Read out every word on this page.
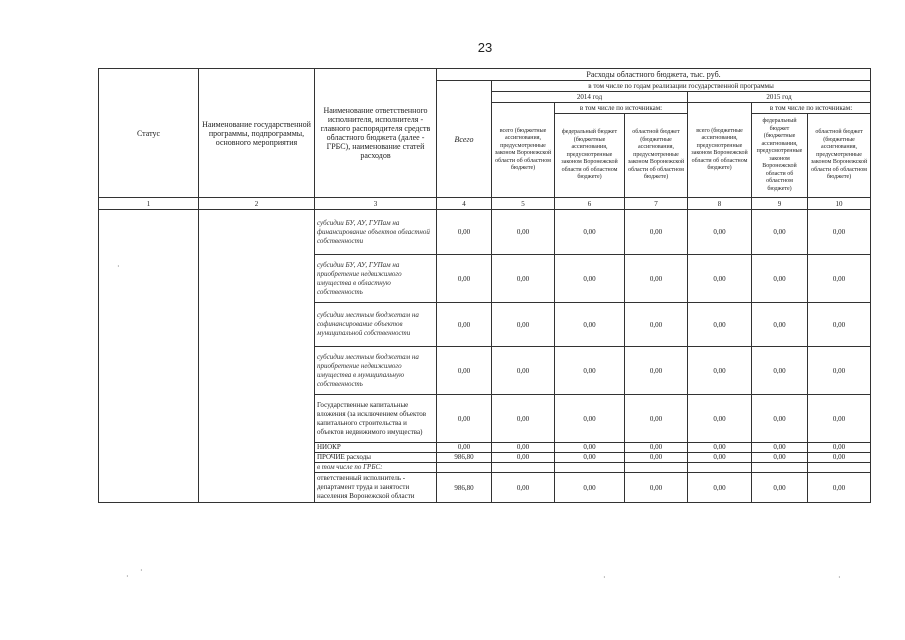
23
Статус	Наименование государственной программы, подпрограммы, основного мероприятия	Наименование ответственного исполнителя, исполнителя - главного распорядителя средств областного бюджета (далее - ГРБС), наименование статей расходов	Расходы областного бюджета, тыс. руб.						
			Всего	в том числе по годам реализации государственной программы					
				2014 год			2015 год		
				всего (бюджетные ассигнования, предусмотренные законом Воронежской области об областном бюджете)	в том числе по источникам:		всего (бюджетные ассигнования, предусмотренные законом Воронежской области об областном бюджете)	в том числе по источникам:	
					федеральный бюджет (бюджетные ассигнования, предусмотренные законом Воронежской области об областном бюджете)	областной бюджет (бюджетные ассигнования, предусмотренные законом Воронежской области об областном бюджете)		федеральный бюджет (бюджетные ассигнования, предусмотренные законом Воронежской области об областном бюджете)	областной бюджет (бюджетные ассигнования, предусмотренные законом Воронежской области об областном бюджете)
1	2	3	4	5	6	7	8	9	10
		субсидии БУ, АУ, ГУПам на финансирование объектов областной собственности	0,00	0,00	0,00	0,00	0,00	0,00	0,00
		субсидии БУ, АУ, ГУПам на приобретение недвижимого имущества в областную собственность	0,00	0,00	0,00	0,00	0,00	0,00	0,00
		субсидии местным бюджетам на софинансирование объектов муниципальной собственности	0,00	0,00	0,00	0,00	0,00	0,00	0,00
		субсидии местным бюджетам на приобретение недвижимого имущества в муниципальную собственность	0,00	0,00	0,00	0,00	0,00	0,00	0,00
		Государственные капитальные вложения (за исключением объектов капитального строительства и объектов недвижимого имущества)	0,00	0,00	0,00	0,00	0,00	0,00	0,00
		НИОКР	0,00	0,00	0,00	0,00	0,00	0,00	0,00
		ПРОЧИЕ расходы	986,80	0,00	0,00	0,00	0,00	0,00	0,00
		в том числе по ГРБС:							
		ответственный исполнитель - департамент труда и занятости населения Воронежской области	986,80	0,00	0,00	0,00	0,00	0,00	0,00
·
·
·
·	·
